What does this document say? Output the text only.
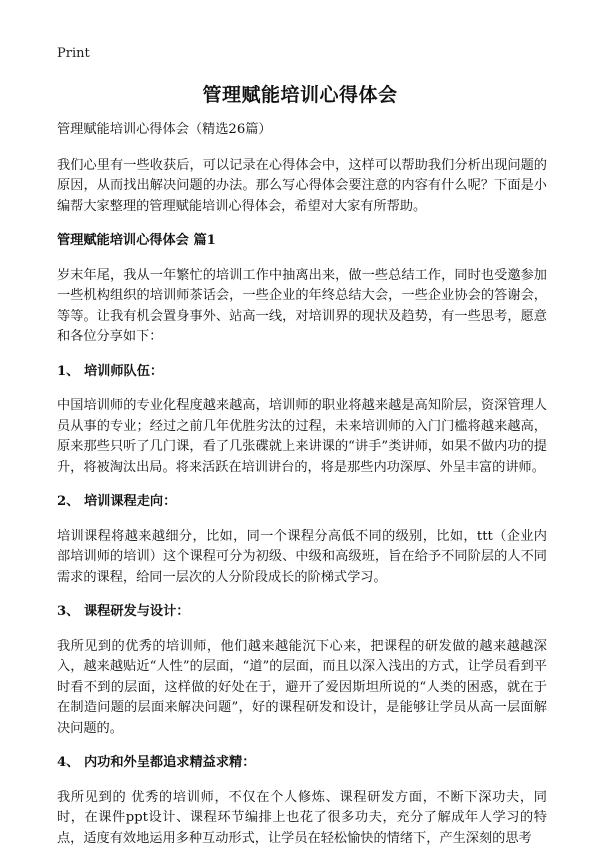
Print
管理赋能培训心得体会

管理赋能培训心得体会（精选26篇）

我们心里有一些收获后，可以记录在心得体会中，这样可以帮助我们分析出现问题的原因，从而找出解决问题的办法。那么写心得体会要注意的内容有什么呢？下面是小编帮大家整理的管理赋能培训心得体会，希望对大家有所帮助。

管理赋能培训心得体会 篇1

岁末年尾，我从一年繁忙的培训工作中抽离出来，做一些总结工作，同时也受邀参加一些机构组织的培训师茶话会，一些企业的年终总结大会，一些企业协会的答谢会，等等。让我有机会置身事外、站高一线，对培训界的现状及趋势，有一些思考，愿意和各位分享如下：

1、 培训师队伍：

中国培训师的专业化程度越来越高，培训师的职业将越来越是高知阶层，资深管理人员从事的专业；经过之前几年优胜劣汰的过程，未来培训师的入门门槛将越来越高，原来那些只听了几门课，看了几张碟就上来讲课的“讲手”类讲师，如果不做内功的提升，将被淘汰出局。将来活跃在培训讲台的，将是那些内功深厚、外呈丰富的讲师。

2、 培训课程走向：

培训课程将越来越细分，比如，同一个课程分高低不同的级别，比如，ttt（企业内部培训师的培训）这个课程可分为初级、中级和高级班，旨在给予不同阶层的人不同需求的课程，给同一层次的人分阶段成长的阶梯式学习。

3、 课程研发与设计：

我所见到的优秀的培训师，他们越来越能沉下心来，把课程的研发做的越来越越深入，越来越贴近“人性”的层面，“道”的层面，而且以深入浅出的方式，让学员看到平时看不到的层面，这样做的好处在于，避开了爱因斯坦所说的“人类的困惑，就在于在制造问题的层面来解决问题”，好的课程研发和设计，是能够让学员从高一层面解决问题的。

4、 内功和外呈都追求精益求精：

我所见到的 优秀的培训师，不仅在个人修炼、课程研发方面，不断下深功夫，同时，在课件ppt设计、课程环节编排上也花了很多功夫，充分了解成年人学习的特点，适度有效地运用多种互动形式，让学员在轻松愉快的情绪下，产生深刻的思考
